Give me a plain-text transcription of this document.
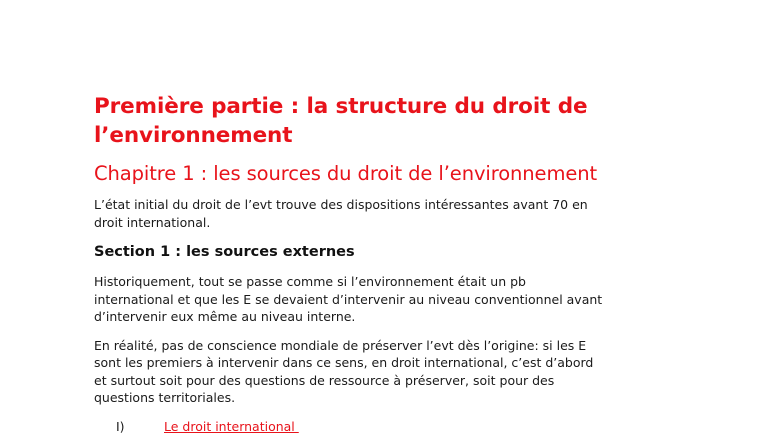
Première partie : la structure du droit de
l’environnement
Chapitre 1 : les sources du droit de l’environnement

L’état initial du droit de l’evt trouve des dispositions intéressantes avant 70 en
droit international.

Section 1 : les sources externes

Historiquement, tout se passe comme si l’environnement était un pb
international et que les E se devaient d’intervenir au niveau conventionnel avant
d’intervenir eux même au niveau interne.

En réalité, pas de conscience mondiale de préserver l’evt dès l’origine: si les E
sont les premiers à intervenir dans ce sens, en droit international, c’est d’abord
et surtout soit pour des questions de ressource à préserver, soit pour des
questions territoriales.

I)	Le droit international
